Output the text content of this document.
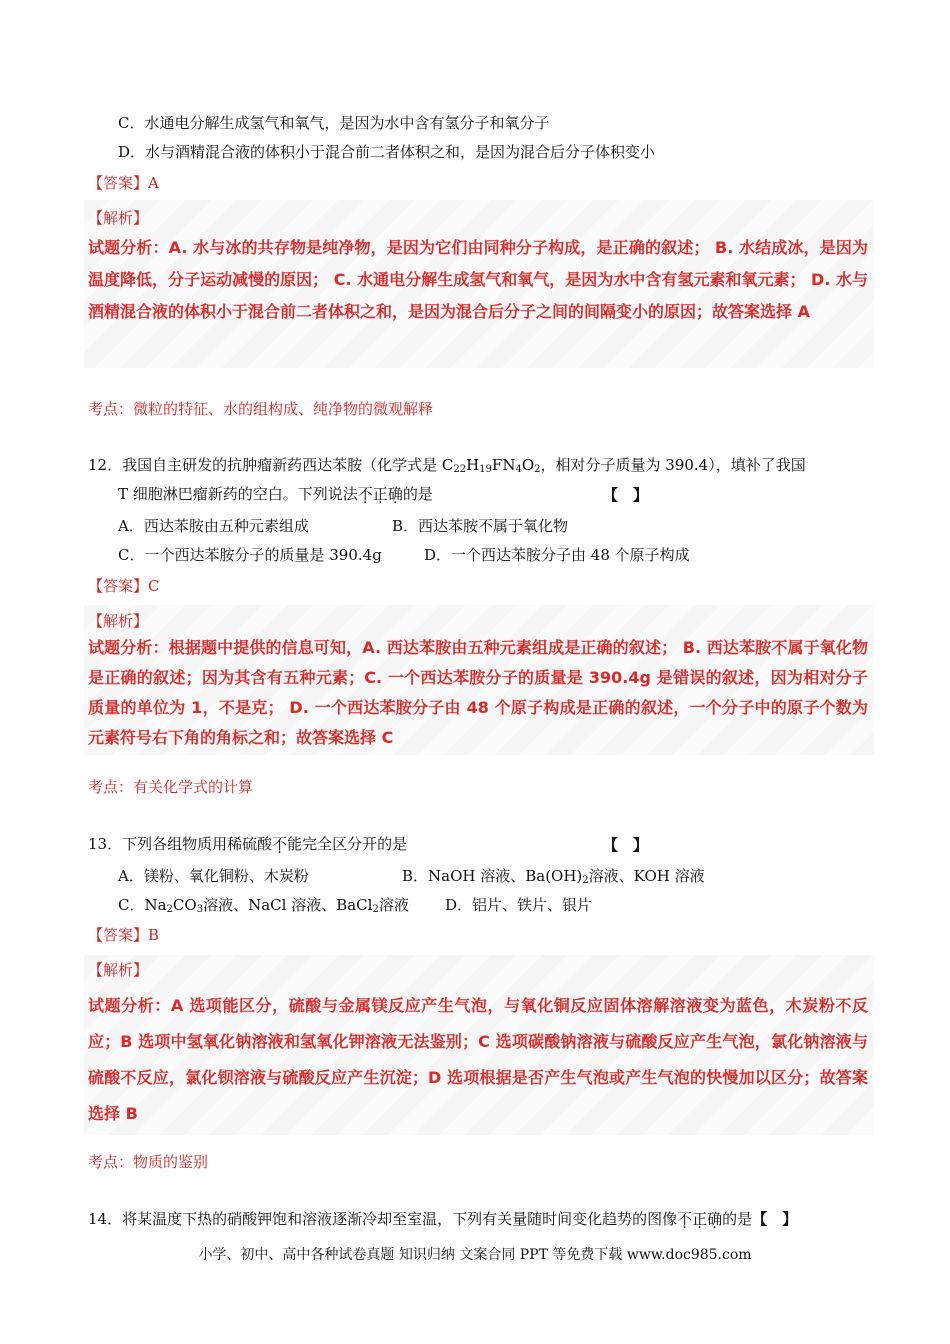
C．水通电分解生成氢气和氧气，是因为水中含有氢分子和氧分子
D．水与酒精混合液的体积小于混合前二者体积之和，是因为混合后分子体积变小
【答案】A
【解析】
试题分析：A. 水与冰的共存物是纯净物，是因为它们由同种分子构成，是正确的叙述； B. 水结成冰，是因为温度降低，分子运动减慢的原因； C. 水通电分解生成氢气和氧气，是因为水中含有氢元素和氧元素； D. 水与酒精混合液的体积小于混合前二者体积之和，是因为混合后分子之间的间隔变小的原因；故答案选择 A
考点：微粒的特征、水的组构成、纯净物的微观解释
12．我国自主研发的抗肿瘤新药西达苯胺（化学式是 $C_{22}H_{19}FN_4O_2$，相对分子质量为 390.4），填补了我国
T 细胞淋巴瘤新药的空白。下列说法不正确的是	【　】
A．西达苯胺由五种元素组成	B．西达苯胺不属于氧化物
C．一个西达苯胺分子的质量是 390.4g	D．一个西达苯胺分子由 48 个原子构成
【答案】C
【解析】
试题分析：根据题中提供的信息可知，A. 西达苯胺由五种元素组成是正确的叙述； B. 西达苯胺不属于氧化物是正确的叙述；因为其含有五种元素；C. 一个西达苯胺分子的质量是 390.4g 是错误的叙述，因为相对分子质量的单位为 1，不是克； D. 一个西达苯胺分子由 48 个原子构成是正确的叙述，一个分子中的原子个数为元素符号右下角的角标之和；故答案选择 C
考点：有关化学式的计算
13．下列各组物质用稀硫酸不能完全区分开的是	【　】
A．镁粉、氧化铜粉、木炭粉	B．NaOH 溶液、$Ba(OH)_2$溶液、KOH 溶液
C．$Na_2CO_3$溶液、NaCl 溶液、BaCl$_2$溶液 D．铝片、铁片、银片
【答案】B
【解析】
试题分析：A 选项能区分，硫酸与金属镁反应产生气泡，与氧化铜反应固体溶解溶液变为蓝色，木炭粉不反应；B 选项中氢氧化钠溶液和氢氧化钾溶液无法鉴别；C 选项碳酸钠溶液与硫酸反应产生气泡，氯化钠溶液与硫酸不反应，氯化钡溶液与硫酸反应产生沉淀；D 选项根据是否产生气泡或产生气泡的快慢加以区分；故答案选择 B
考点：物质的鉴别
14．将某温度下热的硝酸钾饱和溶液逐渐冷却至室温，下列有关量随时间变化趋势的图像不正确的是【　】
小学、初中、高中各种试卷真题 知识归纳 文案合同 PPT 等免费下载 www.doc985.com
